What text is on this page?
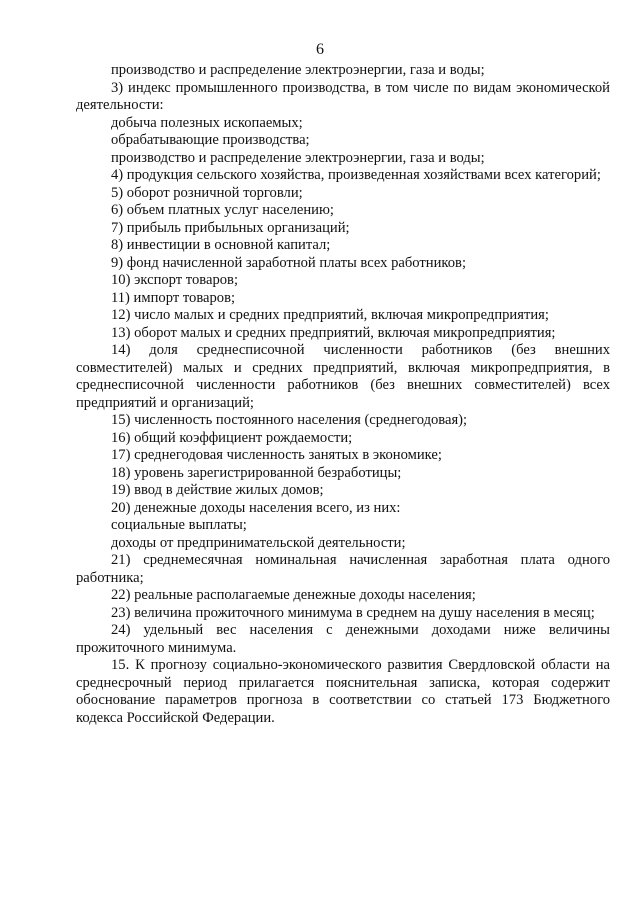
6

производство и распределение электроэнергии, газа и воды;

3) индекс промышленного производства, в том числе по видам экономической деятельности:

добыча полезных ископаемых;

обрабатывающие производства;

производство и распределение электроэнергии, газа и воды;

4) продукция сельского хозяйства, произведенная хозяйствами всех категорий;

5) оборот розничной торговли;

6) объем платных услуг населению;

7) прибыль прибыльных организаций;

8) инвестиции в основной капитал;

9) фонд начисленной заработной платы всех работников;

10) экспорт товаров;

11) импорт товаров;

12) число малых и средних предприятий, включая микропредприятия;

13) оборот малых и средних предприятий, включая микропредприятия;

14) доля среднесписочной численности работников (без внешних совместителей) малых и средних предприятий, включая микропредприятия, в среднесписочной численности работников (без внешних совместителей) всех предприятий и организаций;

15) численность постоянного населения (среднегодовая);

16) общий коэффициент рождаемости;

17) среднегодовая численность занятых в экономике;

18) уровень зарегистрированной безработицы;

19) ввод в действие жилых домов;

20) денежные доходы населения всего, из них:

социальные выплаты;

доходы от предпринимательской деятельности;

21) среднемесячная номинальная начисленная заработная плата одного работника;

22) реальные располагаемые денежные доходы населения;

23) величина прожиточного минимума в среднем на душу населения в месяц;

24) удельный вес населения с денежными доходами ниже величины прожиточного минимума.

15. К прогнозу социально-экономического развития Свердловской области на среднесрочный период прилагается пояснительная записка, которая содержит обоснование параметров прогноза в соответствии со статьей 173 Бюджетного кодекса Российской Федерации.
